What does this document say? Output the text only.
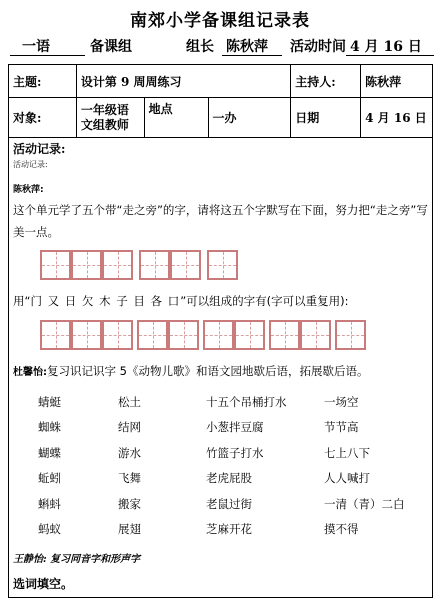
南郊小学备课组记录表
一语	备课组	组长 陈秋萍 活动时间 4 月 16 日
主题:	设计第 9 周周练习			主持人:	陈秋萍
对象:	一年级语文组教师	地点	一办	日期	4 月 16 日
活动记录:
活动记录:
陈秋萍:
这个单元学了五个带“走之旁”的字，请将这五个字默写在下面，努力把“走之旁”写美一点。
用“门 又 日 欠 木 子 目 各 口”可以组成的字有(字可以重复用):
杜馨怡:复习识记识字 5《动物儿歌》和语文园地歇后语，拓展歇后语。
蜻蜓	松土	十五个吊桶打水	一场空
蜘蛛	结网	小葱拌豆腐	节节高
蝴蝶	游水	竹篮子打水	七上八下
蚯蚓	飞舞	老虎屁股	人人喊打
蝌蚪	搬家	老鼠过街	一清（青）二白
蚂蚁	展翅	芝麻开花	摸不得
王静怡: 复习同音字和形声字
选词填空。
